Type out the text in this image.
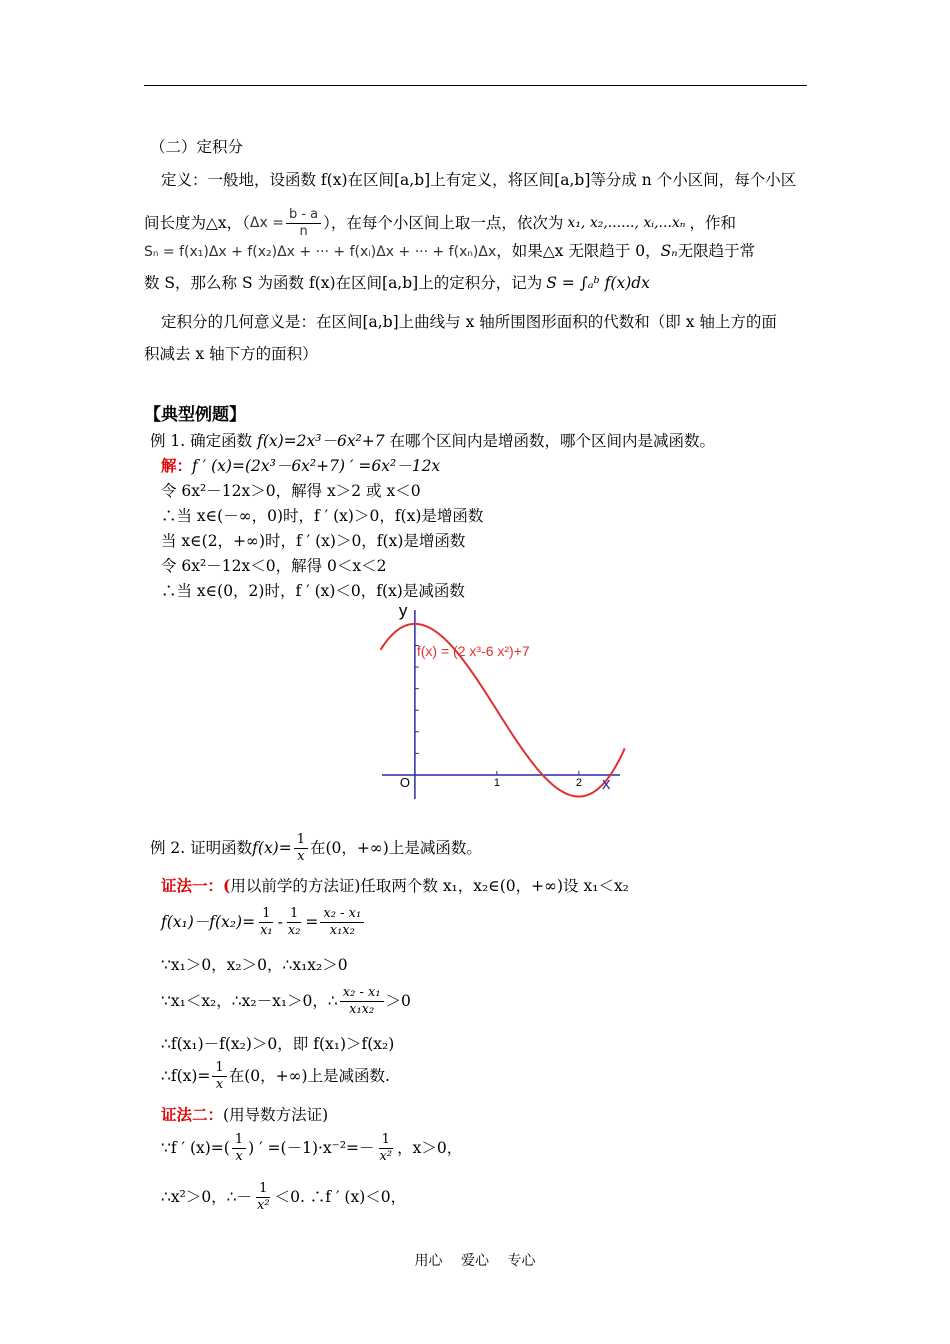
（二）定积分
定义：一般地，设函数 f(x)在区间[a,b]上有定义，将区间[a,b]等分成 n 个小区间，每个小区
间长度为△x，（ $\Delta x = \frac{b - a}{n}$ ），在每个小区间上取一点，依次为 x₁, x₂,......, xᵢ,...xₙ ，作和
Sₙ = f(x₁)Δx + f(x₂)Δx + ··· + f(xᵢ)Δx + ··· + f(xₙ)Δx，如果△x 无限趋于 0，Sₙ无限趋于常
数 S，那么称 S 为函数 f(x)在区间[a,b]上的定积分，记为 S = ∫ₐᵇ f(x)dx
定积分的几何意义是：在区间[a,b]上曲线与 x 轴所围图形面积的代数和（即 x 轴上方的面
积减去 x 轴下方的面积）
【典型例题】
例 1. 确定函数 f(x)=2x³－6x²+7 在哪个区间内是增函数，哪个区间内是减函数。
解：f ′ (x)=(2x³－6x²+7) ′ =6x²－12x
令 6x²－12x＞0，解得 x＞2 或 x＜0
∴当 x∈(－∞，0)时，f ′ (x)＞0，f(x)是增函数
当 x∈(2，+∞)时，f ′ (x)＞0，f(x)是增函数
令 6x²－12x＜0，解得 0＜x＜2
∴当 x∈(0，2)时，f ′ (x)＜0，f(x)是减函数
y
x
O	1	2
f(x) = (2 x³-6 x²)+7
例 2. 证明函数 $f(x)= \frac{1}{x}$ 在(0，+∞)上是减函数。
证法一：(用以前学的方法证)任取两个数 x₁，x₂∈(0，+∞)设 x₁＜x₂
$f(x_1)-f(x_2)= \frac{1}{\text{x₁}} - \frac{1}{\text{x₂}} = \frac{\text{x₂ - x₁}}{\text{x₁x₂}}$
∵x₁＞0，x₂＞0，∴x₁x₂＞0
∵x₁＜x₂，∴x₂－x₁＞0，∴ $\frac{\text{x₂ - x₁}}{\text{x₁x₂}} >0$
∴f(x₁)－f(x₂)＞0，即 f(x₁)＞f(x₂)
∴f(x)= $\frac{1}{x}$ 在(0，+∞)上是减函数.
证法二：(用导数方法证)
∵f ′ $(x)=( \frac{1}{x}$ ) ′ $=(-1)\cdot x^{-2}=- \frac{1}{\text{x²}}$ ，x＞0，
∴x²＞0，∴－ $\frac{1}{\text{x²}} <0$. ∴f ′ (x)＜0，
用心 爱心 专心
